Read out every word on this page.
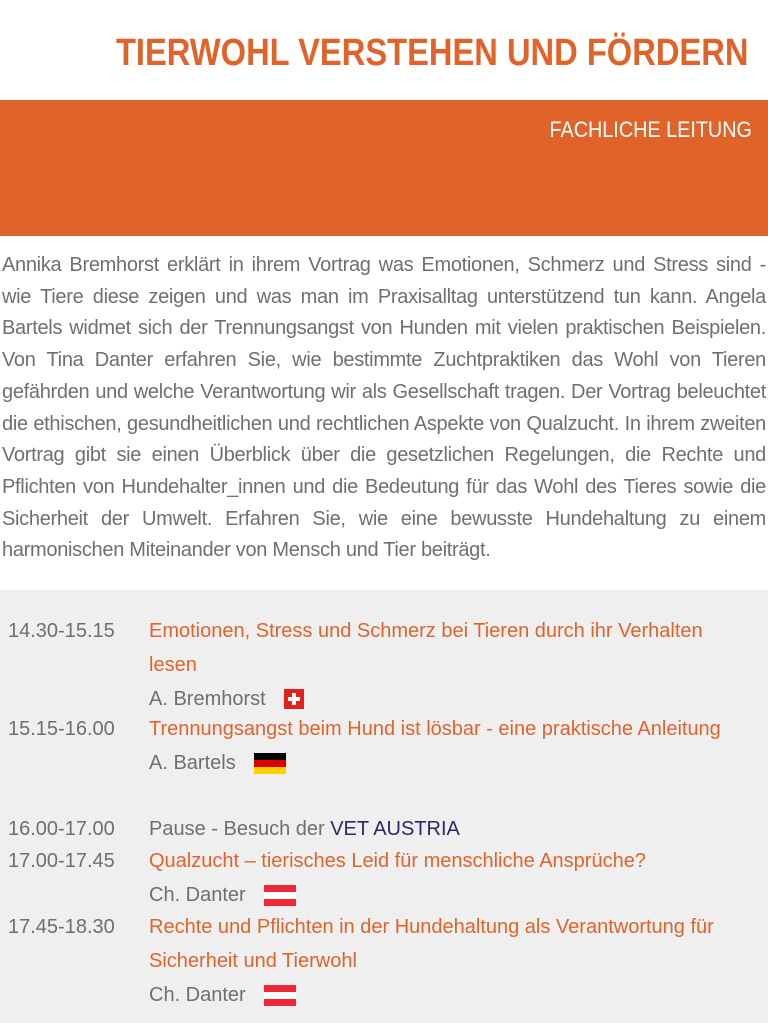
TIERWOHL VERSTEHEN UND FÖRDERN
FACHLICHE LEITUNG

Annika Bremhorst erklärt in ihrem Vortrag was Emotionen, Schmerz und Stress sind - wie Tiere diese zeigen und was man im Praxisalltag unterstützend tun kann. Angela Bartels widmet sich der Trennungsangst von Hunden mit vielen praktischen Beispielen. Von Tina Danter erfahren Sie, wie bestimmte Zuchtpraktiken das Wohl von Tieren gefährden und welche Verantwortung wir als Gesellschaft tragen. Der Vortrag beleuchtet die ethischen, gesundheitlichen und rechtlichen Aspekte von Qualzucht. In ihrem zweiten Vortrag gibt sie einen Überblick über die gesetzlichen Regelungen, die Rechte und Pflichten von Hundehalter_innen und die Bedeutung für das Wohl des Tieres sowie die Sicherheit der Umwelt. Erfahren Sie, wie eine bewusste Hundehaltung zu einem harmonischen Miteinander von Mensch und Tier beiträgt.

14.30-15.15 Emotionen, Stress und Schmerz bei Tieren durch ihr Verhalten lesen
A. Bremhorst
15.15-16.00 Trennungsangst beim Hund ist lösbar - eine praktische Anleitung
A. Bartels
16.00-17.00 Pause - Besuch der VET AUSTRIA
17.00-17.45 Qualzucht – tierisches Leid für menschliche Ansprüche?
Ch. Danter
17.45-18.30 Rechte und Pflichten in der Hundehaltung als Verantwortung für Sicherheit und Tierwohl
Ch. Danter
